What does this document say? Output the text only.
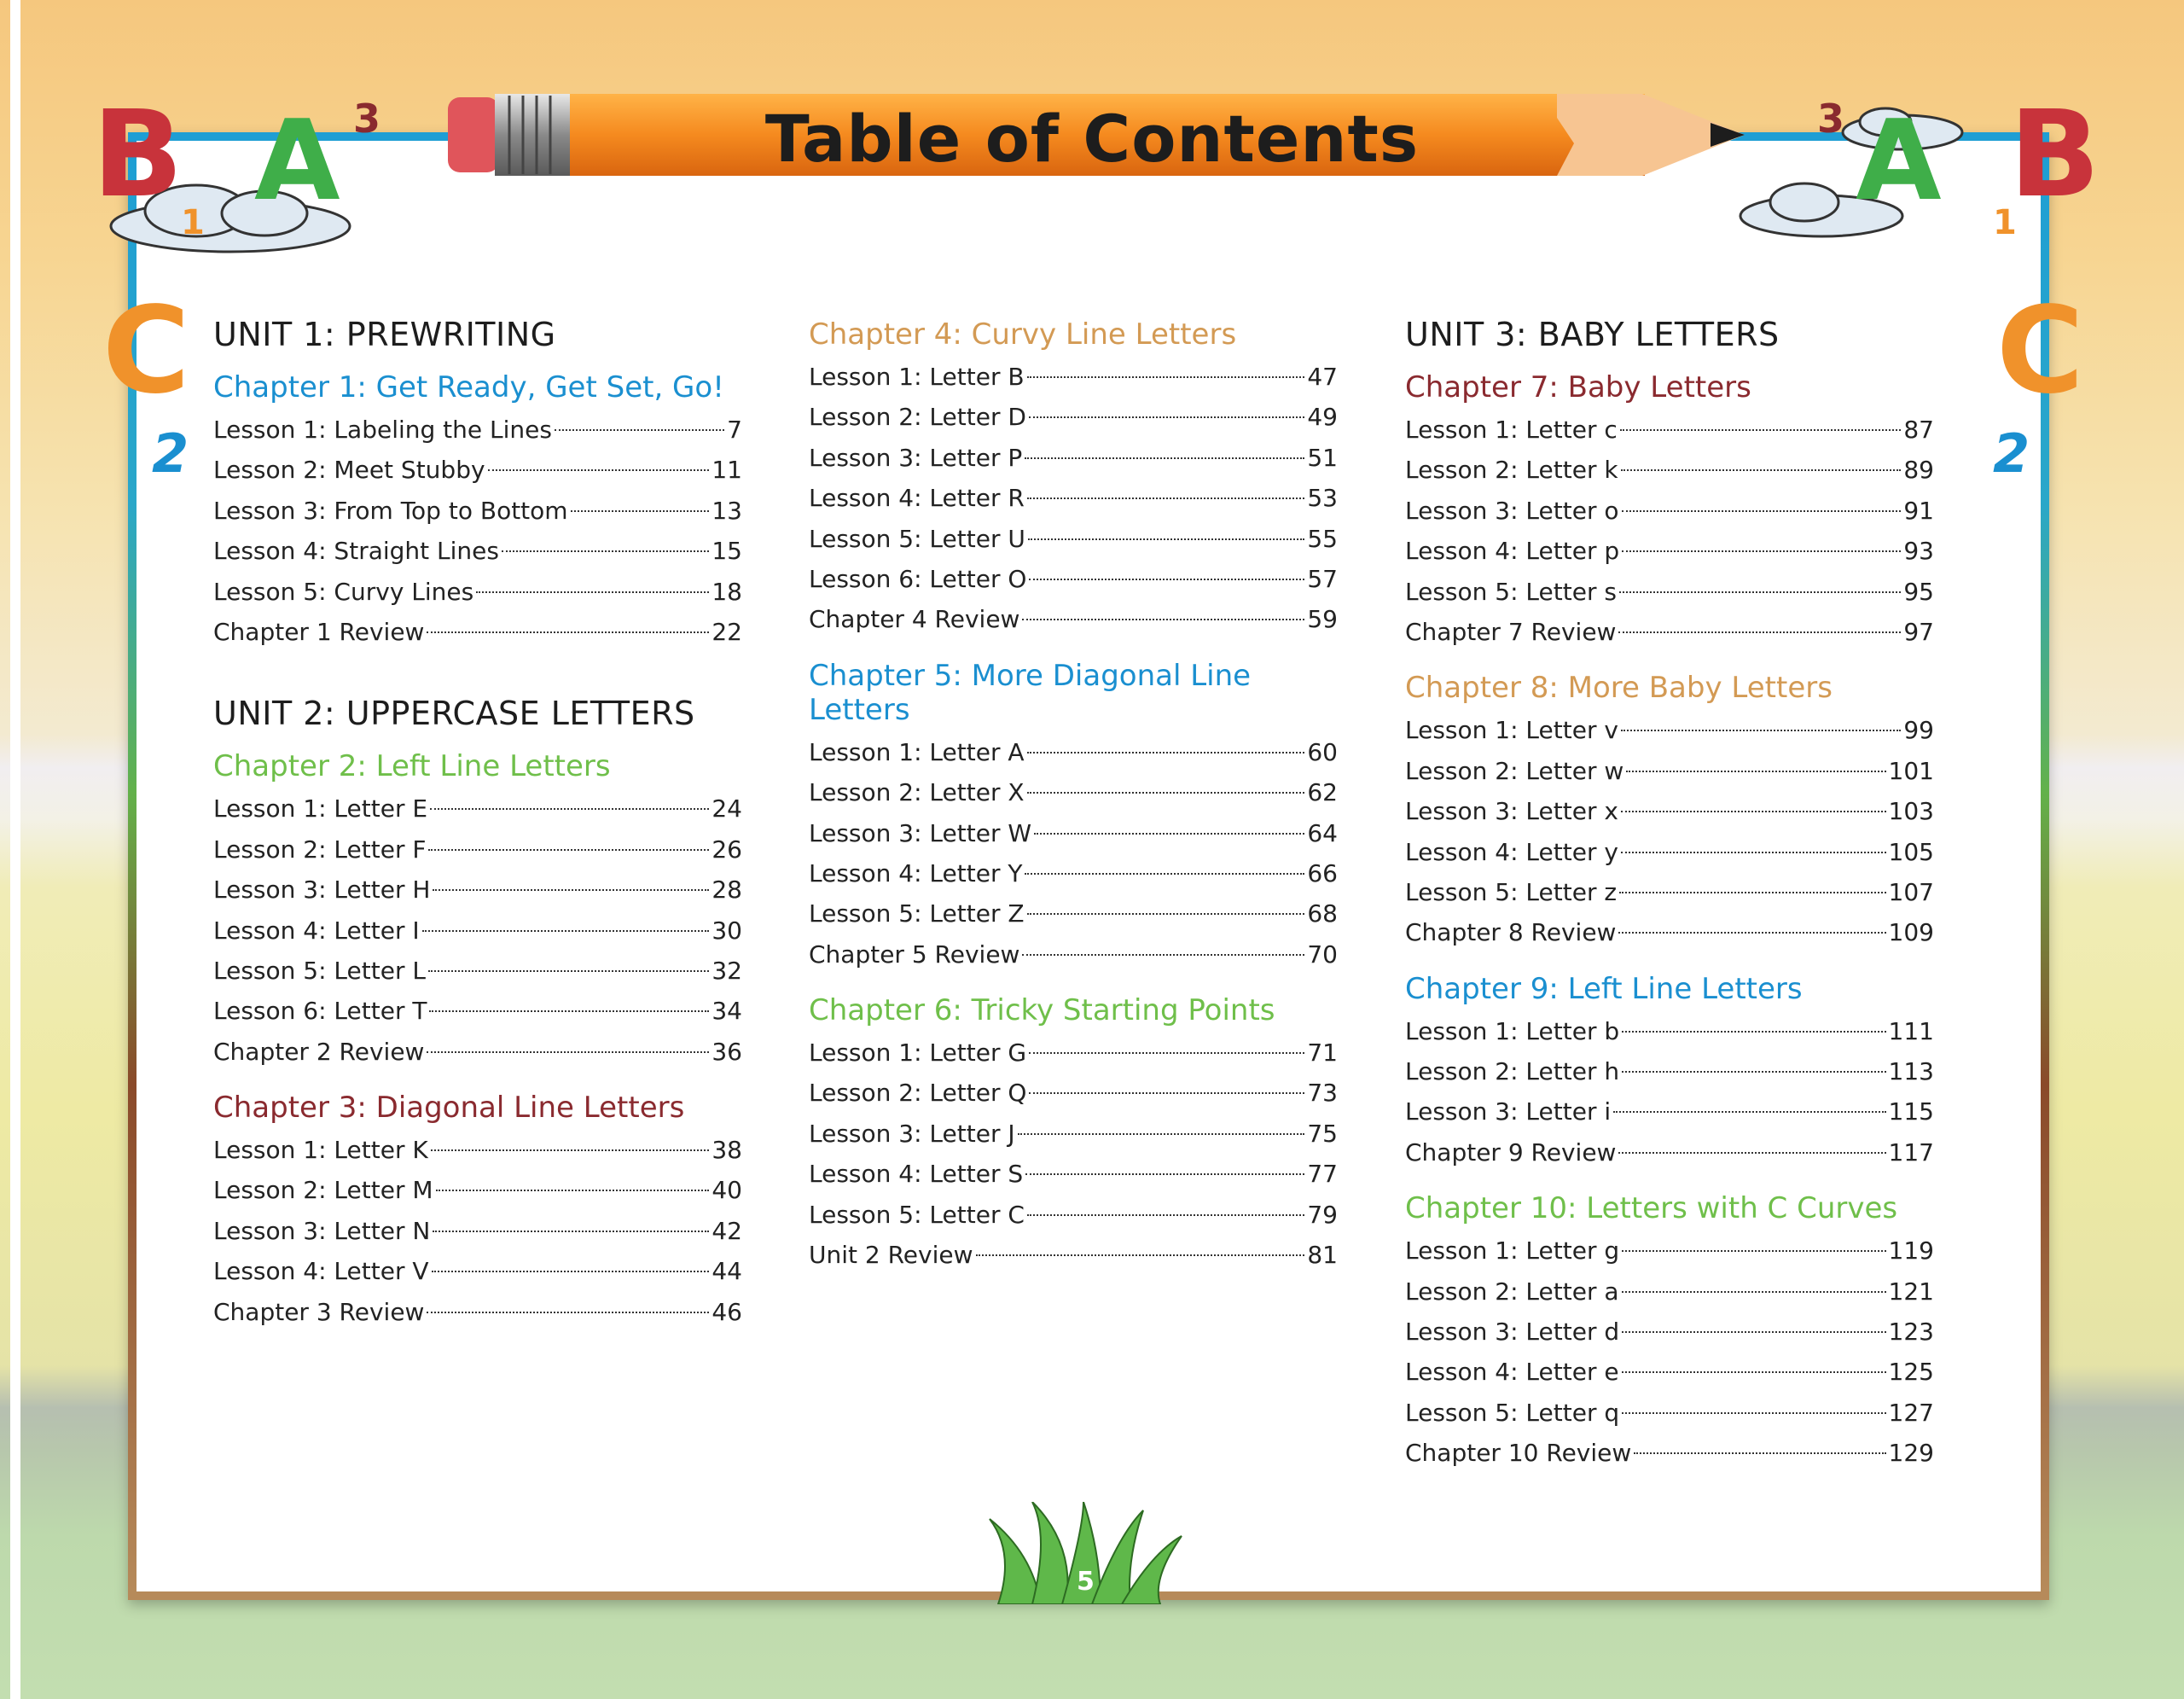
Table of Contents
B A 3
C
2
1
3 A B
C
2
1
UNIT 1: PREWRITING
Chapter 1: Get Ready, Get Set, Go!
Lesson 1: Labeling the Lines	7
Lesson 2: Meet Stubby	11
Lesson 3: From Top to Bottom	13
Lesson 4: Straight Lines	15
Lesson 5: Curvy Lines	18
Chapter 1 Review	22
UNIT 2: UPPERCASE LETTERS
Chapter 2: Left Line Letters
Lesson 1: Letter E	24
Lesson 2: Letter F	26
Lesson 3: Letter H	28
Lesson 4: Letter I	30
Lesson 5: Letter L	32
Lesson 6: Letter T	34
Chapter 2 Review	36
Chapter 3: Diagonal Line Letters
Lesson 1: Letter K	38
Lesson 2: Letter M	40
Lesson 3: Letter N	42
Lesson 4: Letter V	44
Chapter 3 Review	46
Chapter 4: Curvy Line Letters
Lesson 1: Letter B	47
Lesson 2: Letter D	49
Lesson 3: Letter P	51
Lesson 4: Letter R	53
Lesson 5: Letter U	55
Lesson 6: Letter O	57
Chapter 4 Review	59
Chapter 5: More Diagonal Line Letters
Lesson 1: Letter A	60
Lesson 2: Letter X	62
Lesson 3: Letter W	64
Lesson 4: Letter Y	66
Lesson 5: Letter Z	68
Chapter 5 Review	70
Chapter 6: Tricky Starting Points
Lesson 1: Letter G	71
Lesson 2: Letter Q	73
Lesson 3: Letter J	75
Lesson 4: Letter S	77
Lesson 5: Letter C	79
Unit 2 Review	81
UNIT 3: BABY LETTERS
Chapter 7: Baby Letters
Lesson 1: Letter c	87
Lesson 2: Letter k	89
Lesson 3: Letter o	91
Lesson 4: Letter p	93
Lesson 5: Letter s	95
Chapter 7 Review	97
Chapter 8: More Baby Letters
Lesson 1: Letter v	99
Lesson 2: Letter w	101
Lesson 3: Letter x	103
Lesson 4: Letter y	105
Lesson 5: Letter z	107
Chapter 8 Review	109
Chapter 9: Left Line Letters
Lesson 1: Letter b	111
Lesson 2: Letter h	113
Lesson 3: Letter i	115
Chapter 9 Review	117
Chapter 10: Letters with C Curves
Lesson 1: Letter g	119
Lesson 2: Letter a	121
Lesson 3: Letter d	123
Lesson 4: Letter e	125
Lesson 5: Letter q	127
Chapter 10 Review	129
5
